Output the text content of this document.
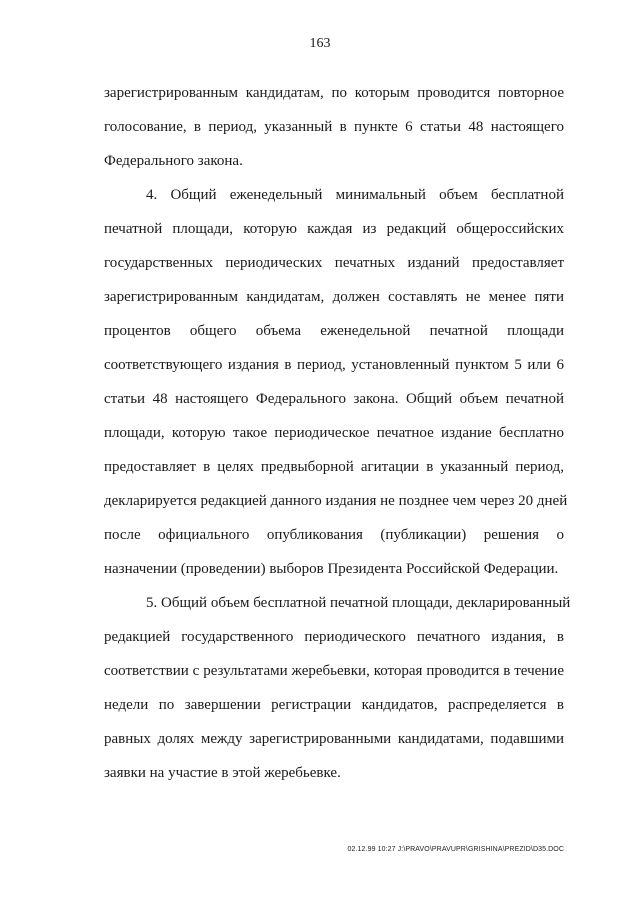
163
зарегистрированным кандидатам, по которым проводится повторное
голосование, в период, указанный в пункте 6 статьи 48 настоящего
Федерального закона.
4. Общий еженедельный минимальный объем бесплатной
печатной площади, которую каждая из редакций общероссийских
государственных периодических печатных изданий предоставляет
зарегистрированным кандидатам, должен составлять не менее пяти
процентов общего объема еженедельной печатной площади
соответствующего издания в период, установленный пунктом 5 или 6
статьи 48 настоящего Федерального закона. Общий объем печатной
площади, которую такое периодическое печатное издание бесплатно
предоставляет в целях предвыборной агитации в указанный период,
декларируется редакцией данного издания не позднее чем через 20 дней
после официального опубликования (публикации) решения о
назначении (проведении) выборов Президента Российской Федерации.
5. Общий объем бесплатной печатной площади, декларированный
редакцией государственного периодического печатного издания, в
соответствии с результатами жеребьевки, которая проводится в течение
недели по завершении регистрации кандидатов, распределяется в
равных долях между зарегистрированными кандидатами, подавшими
заявки на участие в этой жеребьевке.
02.12.99 10:27 J:\PRAVO\PRAVUPR\GRISHINA\PREZID\D35.DOC
